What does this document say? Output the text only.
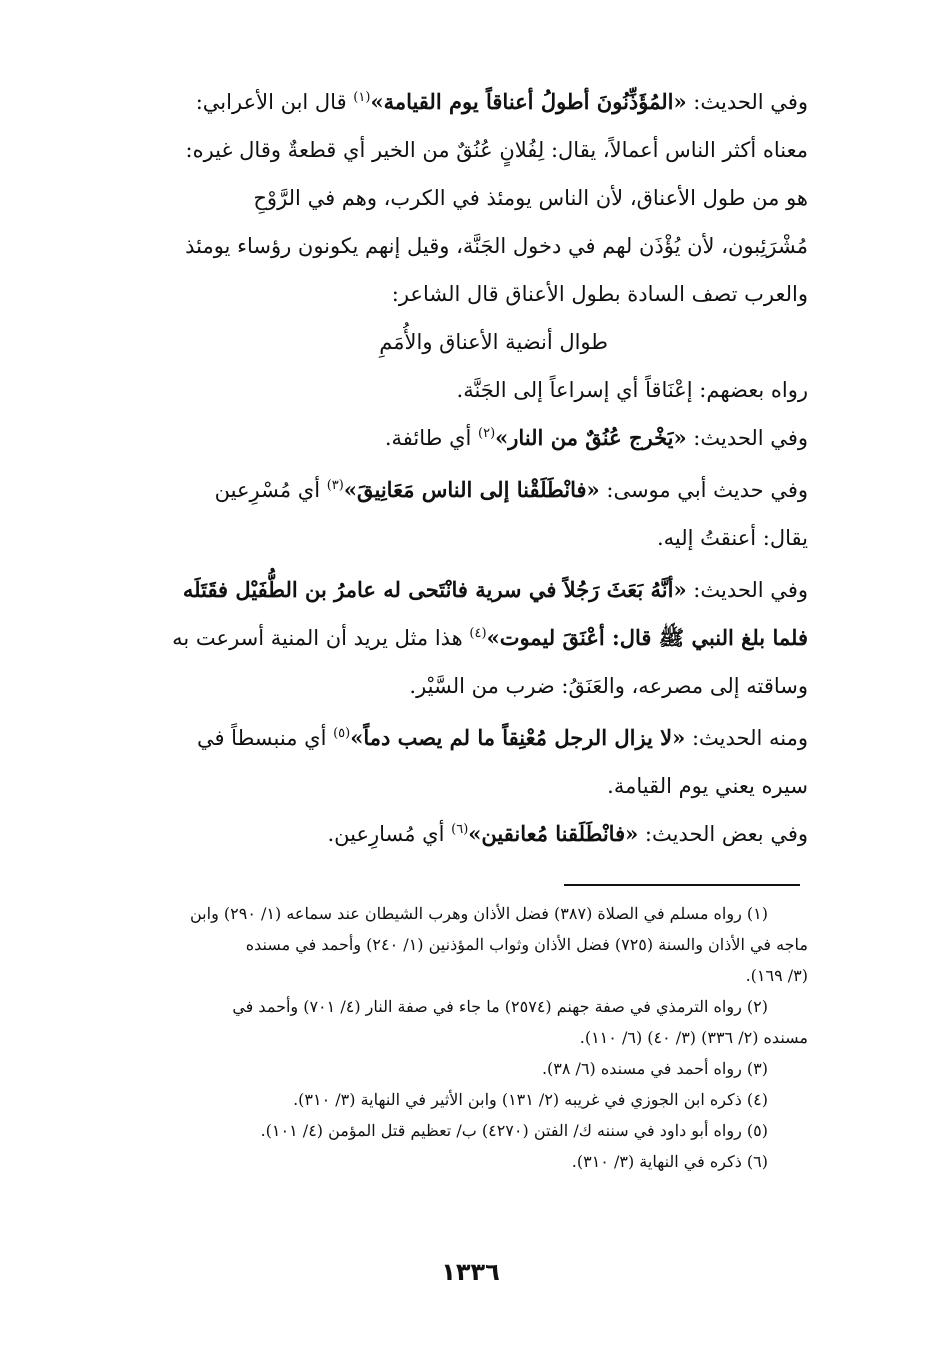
وفي الحديث: «المُؤَذِّنُونَ أطولُ أعناقاً يوم القيامة»$^{(١)}$ قال ابن الأعرابي:
معناه أكثر الناس أعمالاً، يقال: لِفُلانٍ عُنُقٌ من الخير أي قطعةٌ وقال غيره:
هو من طول الأعناق، لأن الناس يومئذ في الكرب، وهم في الرَّوْحِ
مُشْرَئِبون، لأن يُؤْذَن لهم في دخول الجَنَّة، وقيل إنهم يكونون رؤساء يومئذ
والعرب تصف السادة بطول الأعناق قال الشاعر:
طوال أنضية الأعناق والأُمَمِ
رواه بعضهم: إعْنَاقاً أي إسراعاً إلى الجَنَّة.
وفي الحديث: «يَخْرج عُنُقٌ من النار»$^{(٢)}$ أي طائفة.
وفي حديث أبي موسى: «فانْطَلَقْنا إلى الناس مَعَانِيقَ»$^{(٣)}$ أي مُسْرِعين
يقال: أعنقتُ إليه.
وفي الحديث: «أنَّهُ بَعَثَ رَجُلاً في سرية فانْتَحى له عامرُ بن الطُّفَيْل فقَتَلَه
فلما بلغ النبي ﷺ قال: أعْنَقَ ليموت»$^{(٤)}$ هذا مثل يريد أن المنية أسرعت به
وساقته إلى مصرعه، والعَنَقُ: ضرب من السَّيْر.
ومنه الحديث: «لا يزال الرجل مُعْنِقاً ما لم يصب دماً»$^{(٥)}$ أي منبسطاً في
سيره يعني يوم القيامة.
وفي بعض الحديث: «فانْطَلَقنا مُعانقين»$^{(٦)}$ أي مُسارِعين.
(١) رواه مسلم في الصلاة (٣٨٧) فضل الأذان وهرب الشيطان عند سماعه (١/ ٢٩٠) وابن
ماجه في الأذان والسنة (٧٢٥) فضل الأذان وثواب المؤذنين (١/ ٢٤٠) وأحمد في مسنده
(٣/ ١٦٩).
(٢) رواه الترمذي في صفة جهنم (٢٥٧٤) ما جاء في صفة النار (٤/ ٧٠١) وأحمد في
مسنده (٢/ ٣٣٦) (٣/ ٤٠) (٦/ ١١٠).
(٣) رواه أحمد في مسنده (٦/ ٣٨).
(٤) ذكره ابن الجوزي في غريبه (٢/ ١٣١) وابن الأثير في النهاية (٣/ ٣١٠).
(٥) رواه أبو داود في سننه ك/ الفتن (٤٢٧٠) ب/ تعظيم قتل المؤمن (٤/ ١٠١).
(٦) ذكره في النهاية (٣/ ٣١٠).
١٣٣٦
